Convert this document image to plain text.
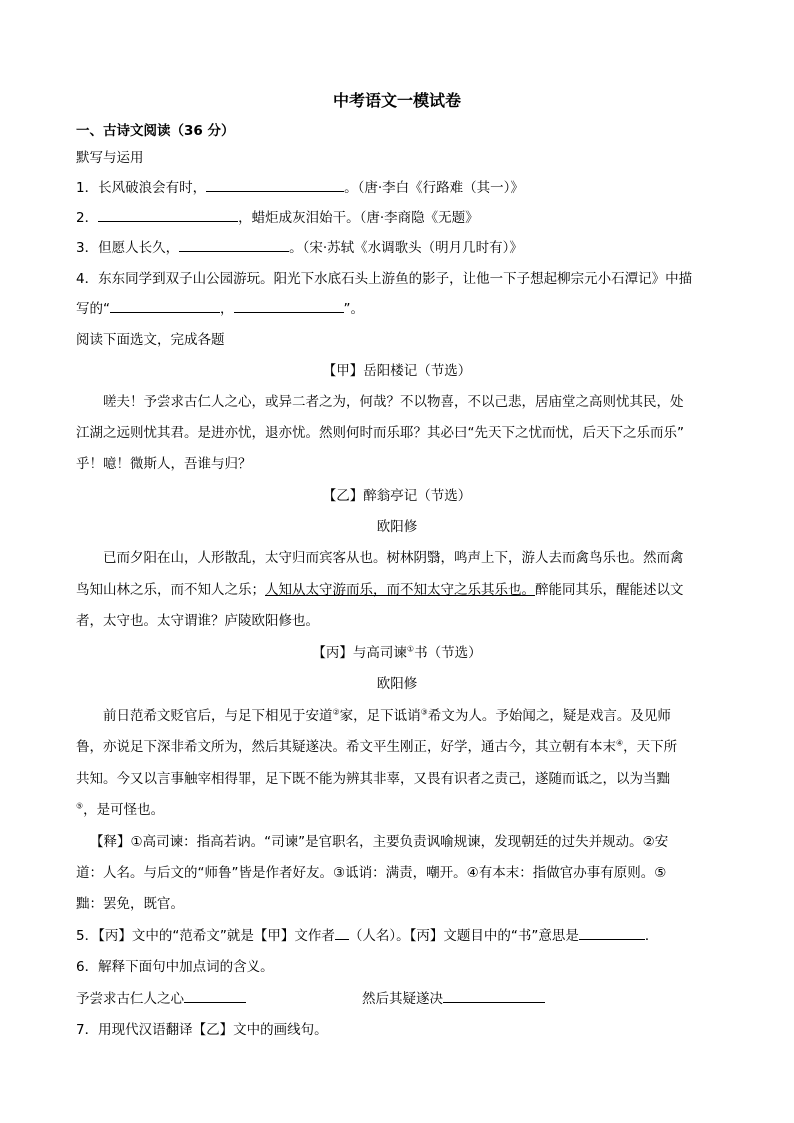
中考语文一模试卷
一、古诗文阅读（36 分）
默写与运用
1．长风破浪会有时，	。（唐·李白《行路难（其一）》
2．	，蜡炬成灰泪始干。（唐·李商隐《无题》
3．但愿人长久，	。（宋·苏轼《水调歌头（明月几时有）》
4．东东同学到双子山公园游玩。阳光下水底石头上游鱼的影子，让他一下子想起柳宗元小石潭记》中描
写的“	，	”。
阅读下面选文，完成各题
【甲】岳阳楼记（节选）
嗟夫！予尝求古仁人之心，或异二者之为，何哉？不以物喜，不以己悲，居庙堂之高则忧其民，处
江湖之远则忧其君。是进亦忧，退亦忧。然则何时而乐耶？其必曰“先天下之忧而忧，后天下之乐而乐”
乎！噫！微斯人，吾谁与归？
【乙】醉翁亭记（节选）
欧阳修
已而夕阳在山，人形散乱，太守归而宾客从也。树林阴翳，鸣声上下，游人去而禽鸟乐也。然而禽
鸟知山林之乐，而不知人之乐；人知从太守游而乐，而不知太守之乐其乐也。醉能同其乐，醒能述以文
者，太守也。太守谓谁？庐陵欧阳修也。
【丙】与高司谏①书（节选）
欧阳修
前日范希文贬官后，与足下相见于安道②家，足下诋诮③希文为人。予始闻之，疑是戏言。及见师
鲁，亦说足下深非希文所为，然后其疑遂决。希文平生刚正，好学，通古今，其立朝有本末④，天下所
共知。今又以言事触宰相得罪，足下既不能为辨其非辜，又畏有识者之责己，遂随而诋之，以为当黜
⑤，是可怪也。
【释】①高司谏：指高若讷。“司谏”是官职名，主要负责讽喻规谏，发现朝廷的过失并规动。②安
道：人名。与后文的“师鲁”皆是作者好友。③诋诮：满责，嘲开。④有本末：指做官办事有原则。⑤
黜：罢免，既官。
5．【丙】文中的“范希文”就是【甲】文作者 （人名）。【丙】文题目中的“书”意思是	．
6．解释下面句中加点词的含义。
予尝求古仁人之心	然后其疑遂决
7．用现代汉语翻译【乙】文中的画线句。
